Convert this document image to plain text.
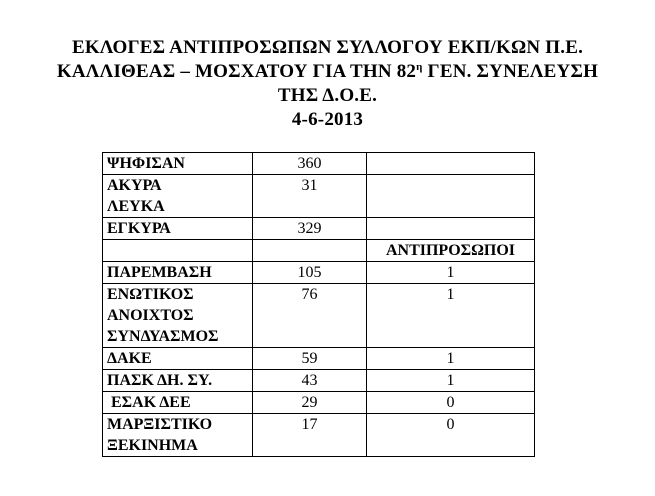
ΕΚΛΟΓΕΣ ΑΝΤΙΠΡΟΣΩΠΩΝ ΣΥΛΛΟΓΟΥ ΕΚΠ/ΚΩΝ Π.Ε.
ΚΑΛΛΙΘΕΑΣ – ΜΟΣΧΑΤΟΥ ΓΙΑ ΤΗΝ $82^\eta$ ΓΕΝ. ΣΥΝΕΛΕΥΣΗ
ΤΗΣ Δ.Ο.Ε.
4-6-2013
ΨΗΦΙΣΑΝ	360	

ΑΚΥΡΑ
ΛΕΥΚΑ	31	

ΕΓΚΥΡΑ	329	
		ΑΝΤΙΠΡΟΣΩΠΟΙ

ΠΑΡΕΜΒΑΣΗ	105	1

ΕΝΩΤΙΚΟΣ
ΑΝΟΙΧΤΟΣ
ΣΥΝΔΥΑΣΜΟΣ	76	1

ΔΑΚΕ	59	1

ΠΑΣΚ ΔΗ. ΣΥ.	43	1

ΕΣΑΚ ΔΕΕ	29	0

ΜΑΡΞΙΣΤΙΚΟ
ΞΕΚΙΝΗΜΑ	17	0
